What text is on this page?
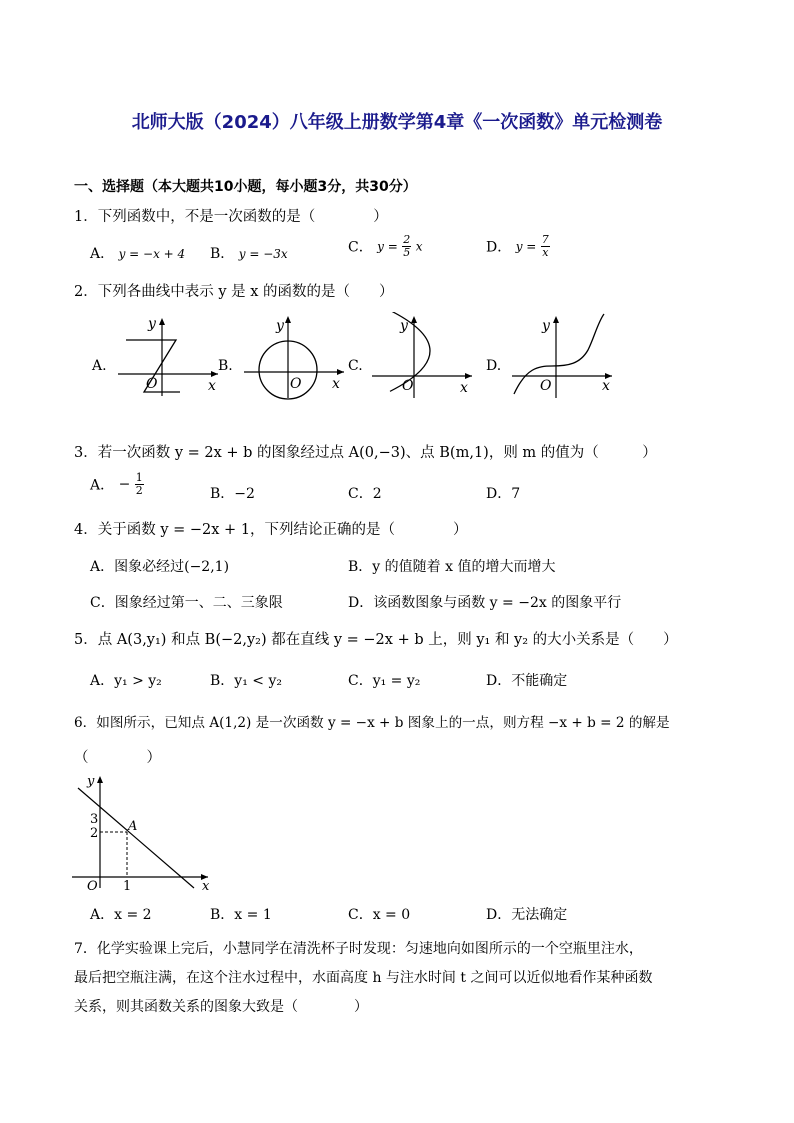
北师大版（2024）八年级上册数学第4章《一次函数》单元检测卷
一、选择题（本大题共10小题，每小题3分，共30分）
1．下列函数中，不是一次函数的是（　　　　）
A． y = −x + 4 B． y = −3x	C． $y = \frac{2}{5}$ x	D． $y = \frac{7}{x}$
2．下列各曲线中表示 y 是 x 的函数的是（　　）
A.	B.	C.	D.
y
x
O
y
x
O
y
x
O
y
x
O
3．若一次函数 y = 2x + b 的图象经过点 A(0,−3)、点 B(m,1)，则 m 的值为（　　　）
A． − $\frac{1}{2}$	B．−2	C．2	D．7
4．关于函数 y = −2x + 1，下列结论正确的是（　　　　）
A．图象必经过(−2,1)	B．y 的值随着 x 值的增大而增大
C．图象经过第一、二、三象限	D．该函数图象与函数 y = −2x 的图象平行
5．点 A(3,y₁) 和点 B(−2,y₂) 都在直线 y = −2x + b 上，则 y₁ 和 y₂ 的大小关系是（　　）
A．y₁ > y₂	B．y₁ < y₂	C．y₁ = y₂	D．不能确定
6．如图所示，已知点 A(1,2) 是一次函数 y = −x + b 图象上的一点，则方程 −x + b = 2 的解是
（　　　　）
y
x
O
3
2
1
A
A．x = 2	B．x = 1	C．x = 0	D．无法确定
7．化学实验课上完后，小慧同学在清洗杯子时发现：匀速地向如图所示的一个空瓶里注水，
最后把空瓶注满，在这个注水过程中，水面高度 h 与注水时间 t 之间可以近似地看作某种函数
关系，则其函数关系的图象大致是（　　　　）
